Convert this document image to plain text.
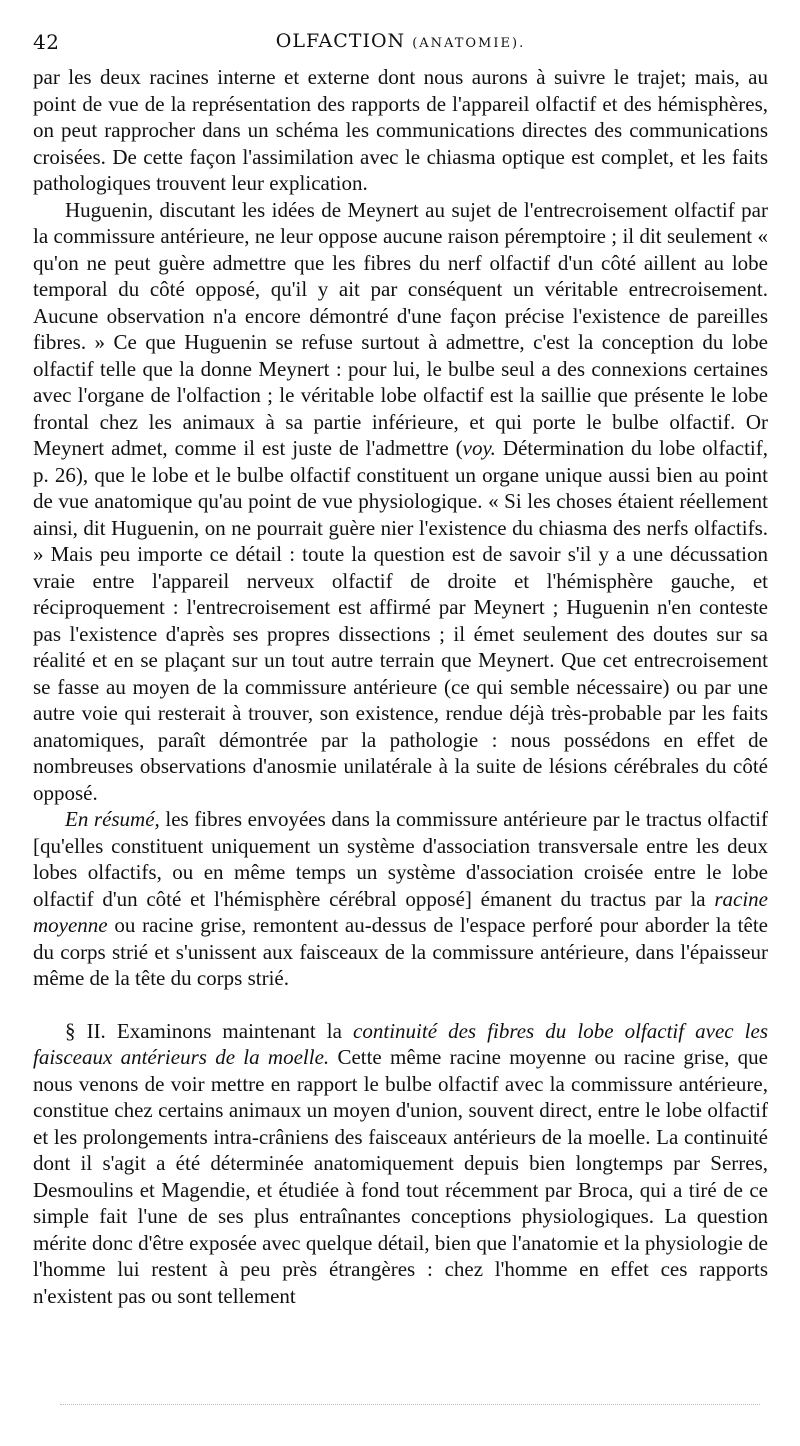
42	OLFACTION (ANATOMIE).

par les deux racines interne et externe dont nous aurons à suivre le trajet; mais, au point de vue de la représentation des rapports de l'appareil olfactif et des hémisphères, on peut rapprocher dans un schéma les communications directes des communications croisées. De cette façon l'assimilation avec le chiasma optique est complet, et les faits pathologiques trouvent leur explication.

Huguenin, discutant les idées de Meynert au sujet de l'entrecroisement olfactif par la commissure antérieure, ne leur oppose aucune raison péremptoire ; il dit seulement « qu'on ne peut guère admettre que les fibres du nerf olfactif d'un côté aillent au lobe temporal du côté opposé, qu'il y ait par conséquent un véritable entrecroisement. Aucune observation n'a encore démontré d'une façon précise l'existence de pareilles fibres. » Ce que Huguenin se refuse surtout à admettre, c'est la conception du lobe olfactif telle que la donne Meynert : pour lui, le bulbe seul a des connexions certaines avec l'organe de l'olfaction ; le véritable lobe olfactif est la saillie que présente le lobe frontal chez les animaux à sa partie inférieure, et qui porte le bulbe olfactif. Or Meynert admet, comme il est juste de l'admettre (voy. Détermination du lobe olfactif, p. 26), que le lobe et le bulbe olfactif constituent un organe unique aussi bien au point de vue anatomique qu'au point de vue physiologique. « Si les choses étaient réellement ainsi, dit Huguenin, on ne pourrait guère nier l'existence du chiasma des nerfs olfactifs. » Mais peu importe ce détail : toute la question est de savoir s'il y a une décussation vraie entre l'appareil nerveux olfactif de droite et l'hémisphère gauche, et réciproquement : l'entrecroisement est affirmé par Meynert ; Huguenin n'en conteste pas l'existence d'après ses propres dissections ; il émet seulement des doutes sur sa réalité et en se plaçant sur un tout autre terrain que Meynert. Que cet entrecroisement se fasse au moyen de la commissure antérieure (ce qui semble nécessaire) ou par une autre voie qui resterait à trouver, son existence, rendue déjà très-probable par les faits anatomiques, paraît démontrée par la pathologie : nous possédons en effet de nombreuses observations d'anosmie unilatérale à la suite de lésions cérébrales du côté opposé.

En résumé, les fibres envoyées dans la commissure antérieure par le tractus olfactif [qu'elles constituent uniquement un système d'association transversale entre les deux lobes olfactifs, ou en même temps un système d'association croisée entre le lobe olfactif d'un côté et l'hémisphère cérébral opposé] émanent du tractus par la racine moyenne ou racine grise, remontent au-dessus de l'espace perforé pour aborder la tête du corps strié et s'unissent aux faisceaux de la commissure antérieure, dans l'épaisseur même de la tête du corps strié.

§ II. Examinons maintenant la continuité des fibres du lobe olfactif avec les faisceaux antérieurs de la moelle. Cette même racine moyenne ou racine grise, que nous venons de voir mettre en rapport le bulbe olfactif avec la commissure antérieure, constitue chez certains animaux un moyen d'union, souvent direct, entre le lobe olfactif et les prolongements intra-crâniens des faisceaux antérieurs de la moelle. La continuité dont il s'agit a été déterminée anatomiquement depuis bien longtemps par Serres, Desmoulins et Magendie, et étudiée à fond tout récemment par Broca, qui a tiré de ce simple fait l'une de ses plus entraînantes conceptions physiologiques. La question mérite donc d'être exposée avec quelque détail, bien que l'anatomie et la physiologie de l'homme lui restent à peu près étrangères : chez l'homme en effet ces rapports n'existent pas ou sont tellement
